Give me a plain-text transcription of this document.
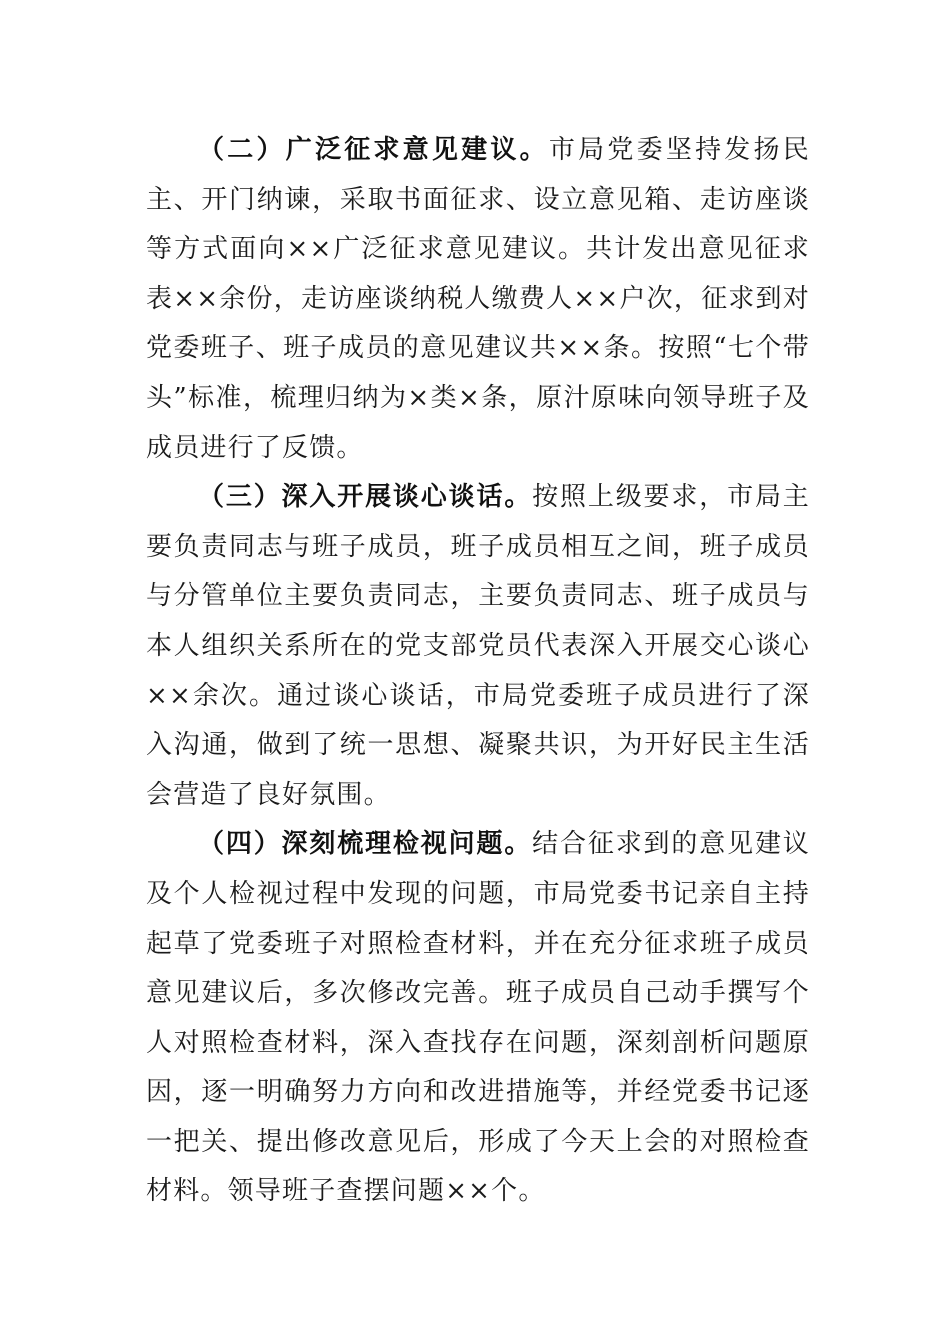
（二）广泛征求意见建议。市局党委坚持发扬民主、开门纳谏，采取书面征求、设立意见箱、走访座谈等方式面向××广泛征求意见建议。共计发出意见征求表××余份，走访座谈纳税人缴费人××户次，征求到对党委班子、班子成员的意见建议共××条。按照“七个带头”标准，梳理归纳为×类×条，原汁原味向领导班子及成员进行了反馈。

（三）深入开展谈心谈话。按照上级要求，市局主要负责同志与班子成员，班子成员相互之间，班子成员与分管单位主要负责同志，主要负责同志、班子成员与本人组织关系所在的党支部党员代表深入开展交心谈心××余次。通过谈心谈话，市局党委班子成员进行了深入沟通，做到了统一思想、凝聚共识，为开好民主生活会营造了良好氛围。

（四）深刻梳理检视问题。结合征求到的意见建议及个人检视过程中发现的问题，市局党委书记亲自主持起草了党委班子对照检查材料，并在充分征求班子成员意见建议后，多次修改完善。班子成员自己动手撰写个人对照检查材料，深入查找存在问题，深刻剖析问题原因，逐一明确努力方向和改进措施等，并经党委书记逐一把关、提出修改意见后，形成了今天上会的对照检查材料。领导班子查摆问题××个。
